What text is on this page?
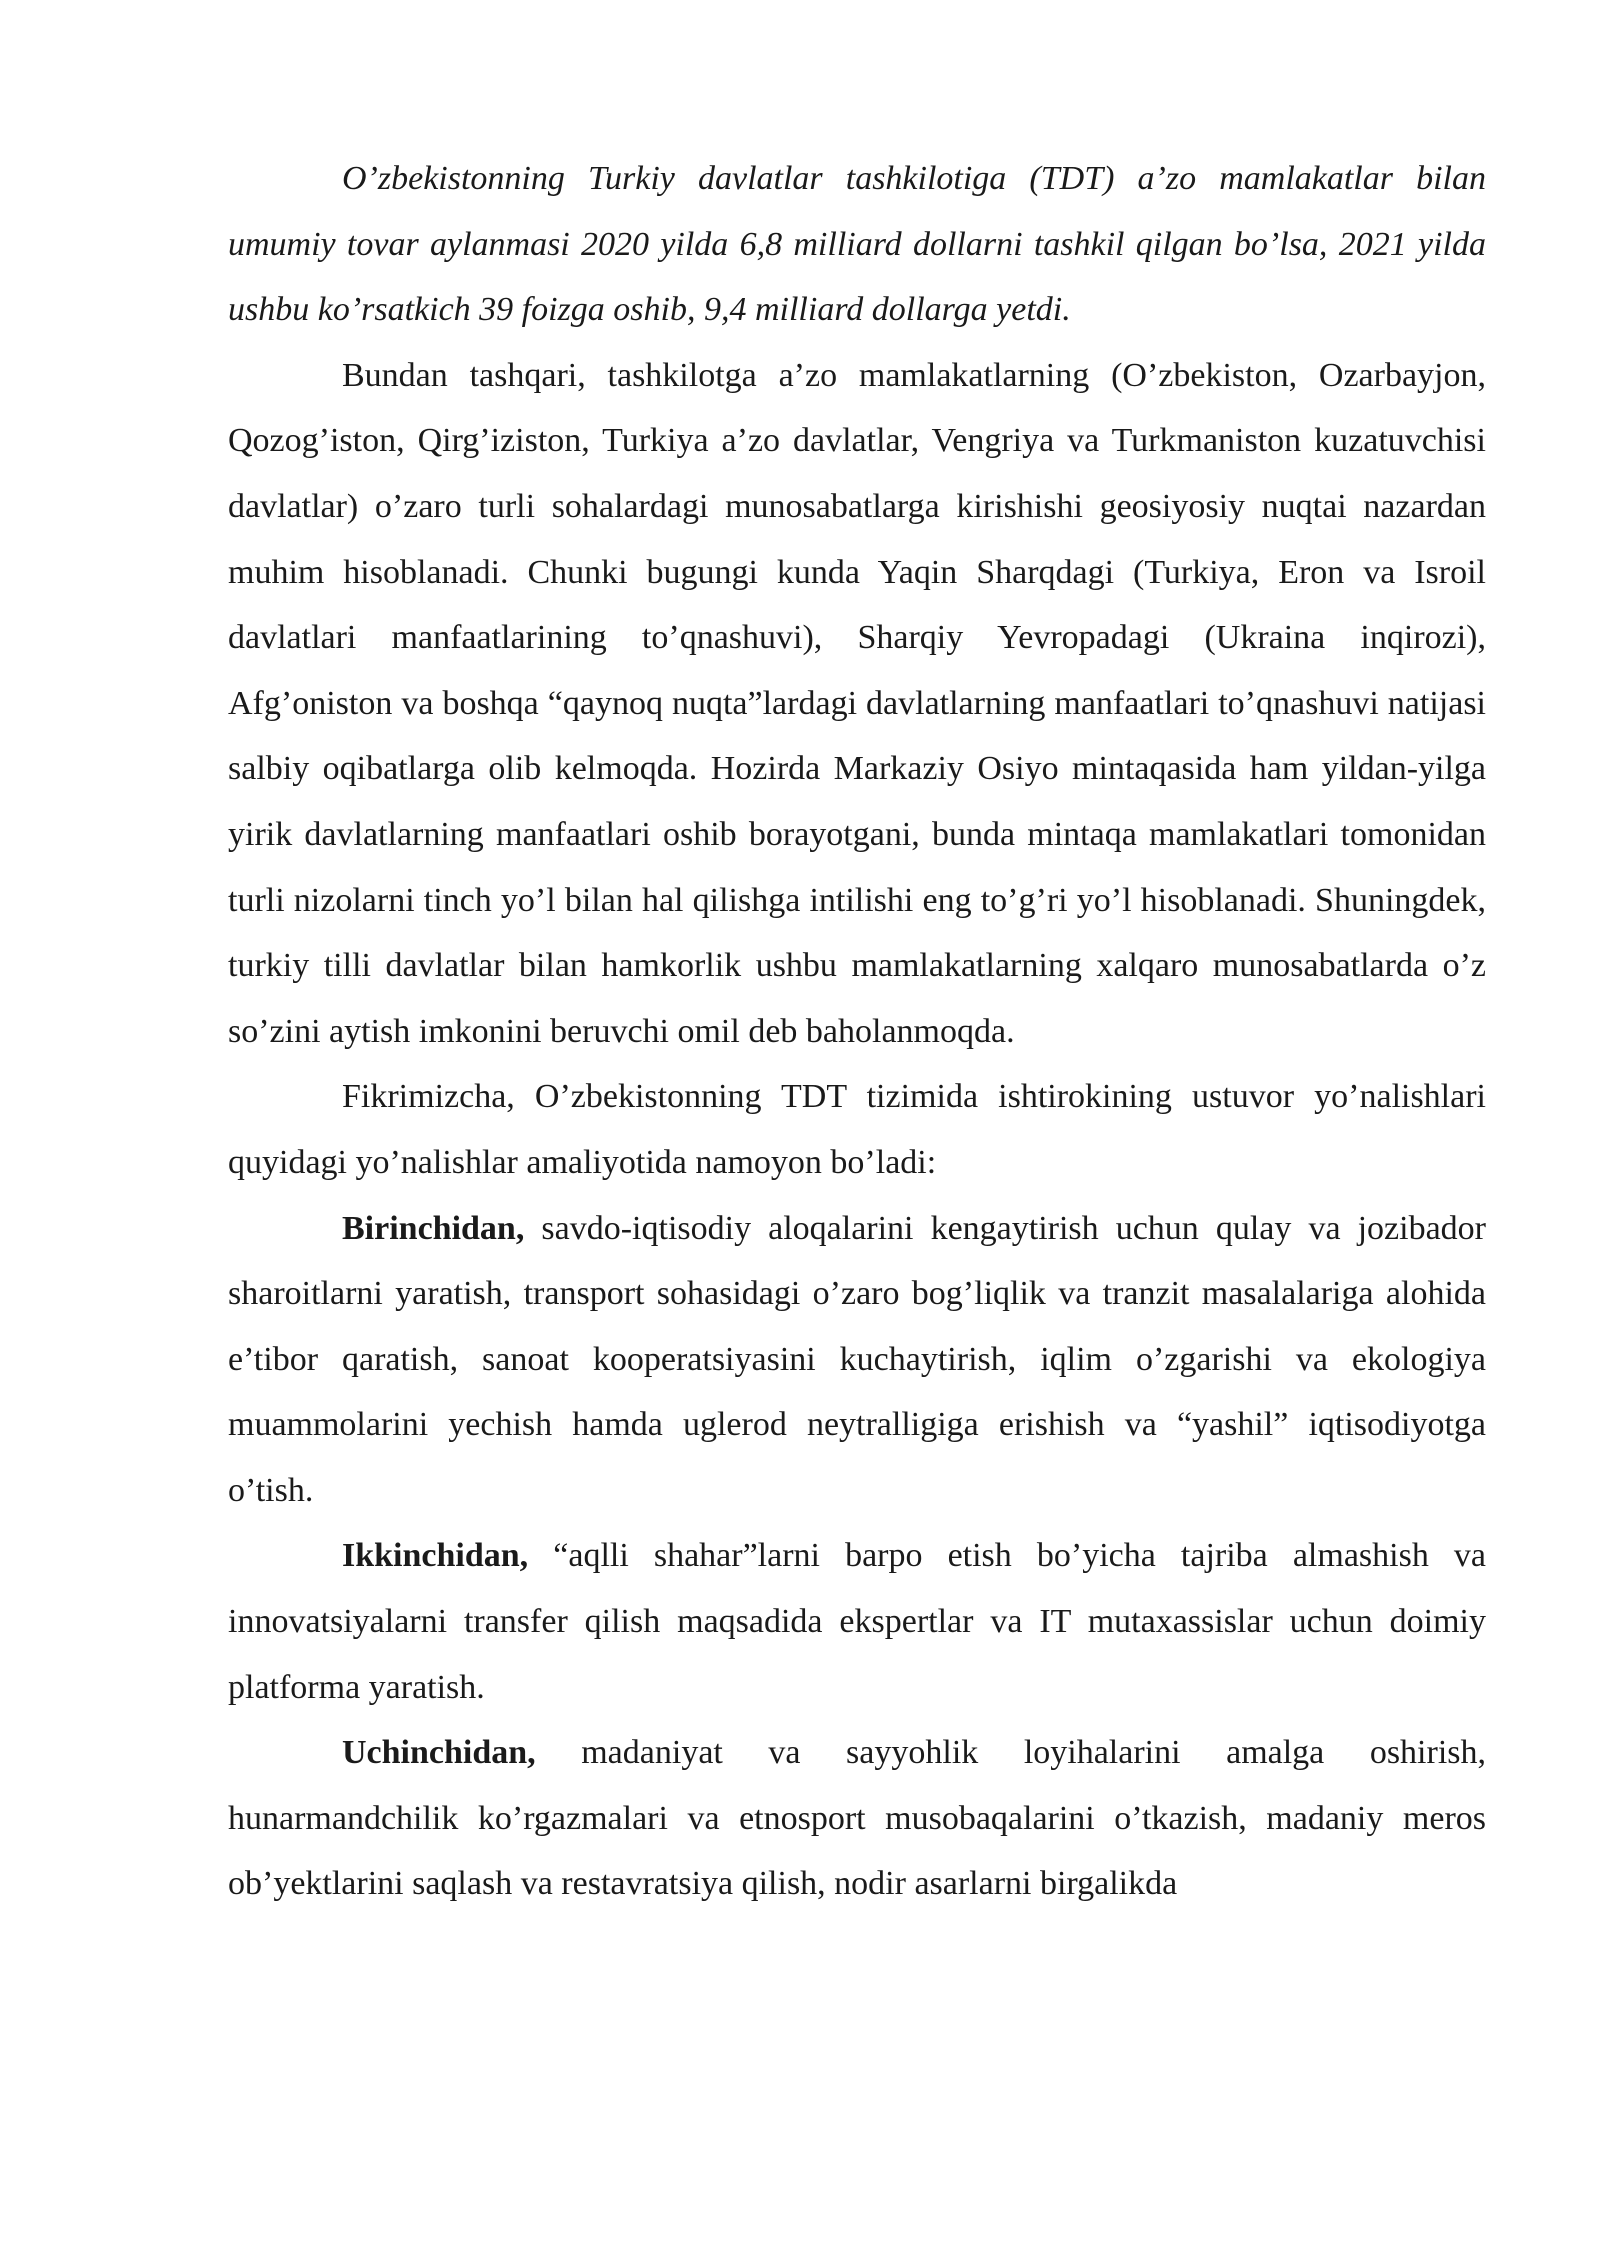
O’zbekistonning Turkiy davlatlar tashkilotiga (TDT) a’zo mamlakatlar bilan umumiy tovar aylanmasi 2020 yilda 6,8 milliard dollarni tashkil qilgan bo’lsa, 2021 yilda ushbu ko’rsatkich 39 foizga oshib, 9,4 milliard dollarga yetdi.

Bundan tashqari, tashkilotga a’zo mamlakatlarning (O’zbekiston, Ozarbayjon, Qozog’iston, Qirg’iziston, Turkiya a’zo davlatlar, Vengriya va Turkmaniston kuzatuvchisi davlatlar) o’zaro turli sohalardagi munosabatlarga kirishishi geosiyosiy nuqtai nazardan muhim hisoblanadi. Chunki bugungi kunda Yaqin Sharqdagi (Turkiya, Eron va Isroil davlatlari manfaatlarining to’qnashuvi), Sharqiy Yevropadagi (Ukraina inqirozi), Afg’oniston va boshqa “qaynoq nuqta”lardagi davlatlarning manfaatlari to’qnashuvi natijasi salbiy oqibatlarga olib kelmoqda. Hozirda Markaziy Osiyo mintaqasida ham yildan-yilga yirik davlatlarning manfaatlari oshib borayotgani, bunda mintaqa mamlakatlari tomonidan turli nizolarni tinch yo’l bilan hal qilishga intilishi eng to’g’ri yo’l hisoblanadi. Shuningdek, turkiy tilli davlatlar bilan hamkorlik ushbu mamlakatlarning xalqaro munosabatlarda o’z so’zini aytish imkonini beruvchi omil deb baholanmoqda.

Fikrimizcha, O’zbekistonning TDT tizimida ishtirokining ustuvor yo’nalishlari quyidagi yo’nalishlar amaliyotida namoyon bo’ladi:

Birinchidan, savdo-iqtisodiy aloqalarini kengaytirish uchun qulay va jozibador sharoitlarni yaratish, transport sohasidagi o’zaro bog’liqlik va tranzit masalalariga alohida e’tibor qaratish, sanoat kooperatsiyasini kuchaytirish, iqlim o’zgarishi va ekologiya muammolarini yechish hamda uglerod neytralligiga erishish va “yashil” iqtisodiyotga o’tish.

Ikkinchidan, “aqlli shahar”larni barpo etish bo’yicha tajriba almashish va innovatsiyalarni transfer qilish maqsadida ekspertlar va IT mutaxassislar uchun doimiy platforma yaratish.

Uchinchidan, madaniyat va sayyohlik loyihalarini amalga oshirish, hunarmandchilik ko’rgazmalari va etnosport musobaqalarini o’tkazish, madaniy meros ob’yektlarini saqlash va restavratsiya qilish, nodir asarlarni birgalikda
